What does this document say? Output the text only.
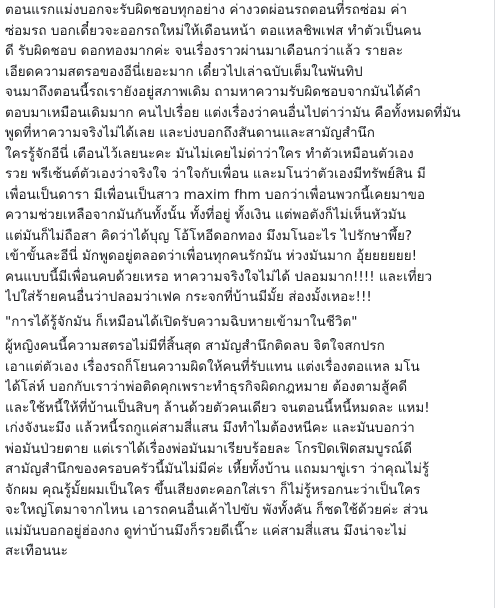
ตอนแรกแม่งบอกจะรับผิดชอบทุกอย่าง ค่างวดผ่อนรถตอนที่รถซ่อม ค่า
ซ่อมรถ บอกเดี๋ยวจะออกรถใหม่ให้เดือนหน้า ตอแหลชิพเฟส ทำตัวเป็นคน
ดี รับผิดชอบ ดอกทองมากค่ะ จนเรื่องราวผ่านมาเดือนกว่าแล้ว รายละ
เอียดความสตรอของอีนี่เยอะมาก เดี๋ยวไปเล่าฉบับเต็มในพันทิป
จนมาถึงตอนนี้รถเรายังอยู่สภาพเดิม ถามหาความรับผิดชอบจากมันได้คำ
ตอบมาเหมือนเดิมมาก คนไปเรื่อย แต่งเรื่องว่าคนอื่นไปต่าว่ามัน คือทั้งหมดที่มัน
พูดที่หาความจริงไม่ได้เลย และบ่งบอกถึงสันดานและสามัญสำนึก
ใครรู้จักอีนี่ เตือนไว้เลยนะคะ มันไม่เคยไม่ด่าว่าใคร ทำตัวเหมือนตัวเอง
รวย พรีเซ้นต์ตัวเองว่าจริงใจ ว่าใจกับเพื่อน และมโนว่าตัวเองมีทรัพย์สิน มี
เพื่อนเป็นดารา มีเพื่อนเป็นสาว maxim fhm บอกว่าเพื่อนพวกนี้เคยมาขอ
ความช่วยเหลือจากมันกันทั้งนั้น ทั้งที่อยู่ ทั้งเงิน แต่พอตังก็ไม่เห็นหัวมัน
แต่มันก็ไม่ถือสา คิดว่าได้บุญ โอ้โหอีดอกทอง มึงมโนอะไร ไปรักษาพึ้ย?
เข้าขั้นละอีนี่ มักพูดอยู่ตลอดว่าเพื่อนทุกคนรักมัน ห่วงมันมาก อุ้ยยยยยย!
คนแบบนี้มีเพื่อนคบด้วยเหรอ หาความจริงใจไม่ได้ ปลอมมาก!!!! และเที่ยว
ไปใส่ร้ายคนอื่นว่าปลอมว่าเฟค กระจกที่บ้านมีมั้ย ส่องมั้งเหอะ!!!
"การได้รู้จักมัน ก็เหมือนได้เปิดรับความฉิบหายเข้ามาในชีวิต"
ผู้หญิงคนนี้ความสตรอไม่มีที่สิ้นสุด สามัญสำนึกติดลบ จิตใจสกปรก
เอาแต่ตัวเอง เรื่องรถก็โยนความผิดให้คนที่รับแทน แต่งเรื่องตอแหล มโน
ได้โล่ห์ บอกกับเราว่าพ่อติดคุกเพราะทำธุรกิจผิดกฎหมาย ต้องตามสู้คดี
และใช้หนี้ให้ที่บ้านเป็นสิบๆ ล้านด้วยตัวคนเดียว จนตอนนี้หนี้หมดละ แหม!
เก่งจังนะมึง แล้วหนี้รถกูแค่สามสี่แสน มึงทำไมต้องหนีคะ และมันบอกว่า
พ่อมันป่วยตาย แต่เราได้เรื่องพ่อมันมาเรียบร้อยละ โกรปิดเฟิดสมบูรณ์ดี
สามัญสำนึกของครอบครัวนี้มันไม่มีค่ะ เหี้ยทั้งบ้าน แถมมาขู่เรา ว่าคุณไม่รู้
จักผม คุณรู้มั้ยผมเป็นใคร ขึ้นเสียงตะคอกใส่เรา ก็ไม่รู้หรอกนะว่าเป็นใคร
จะใหญ่โตมาจากไหน เอารถคนอื่นเค้าไปขับ พังทั้งคัน ก็ชดใช้ด้วยค่ะ ส่วน
แม่มันบอกอยู่ฮ่องกง ดูท่าบ้านมึงก็รวยดีเนี๊าะ แค่สามสี่แสน มึงน่าจะไม่
สะเทือนนะ
